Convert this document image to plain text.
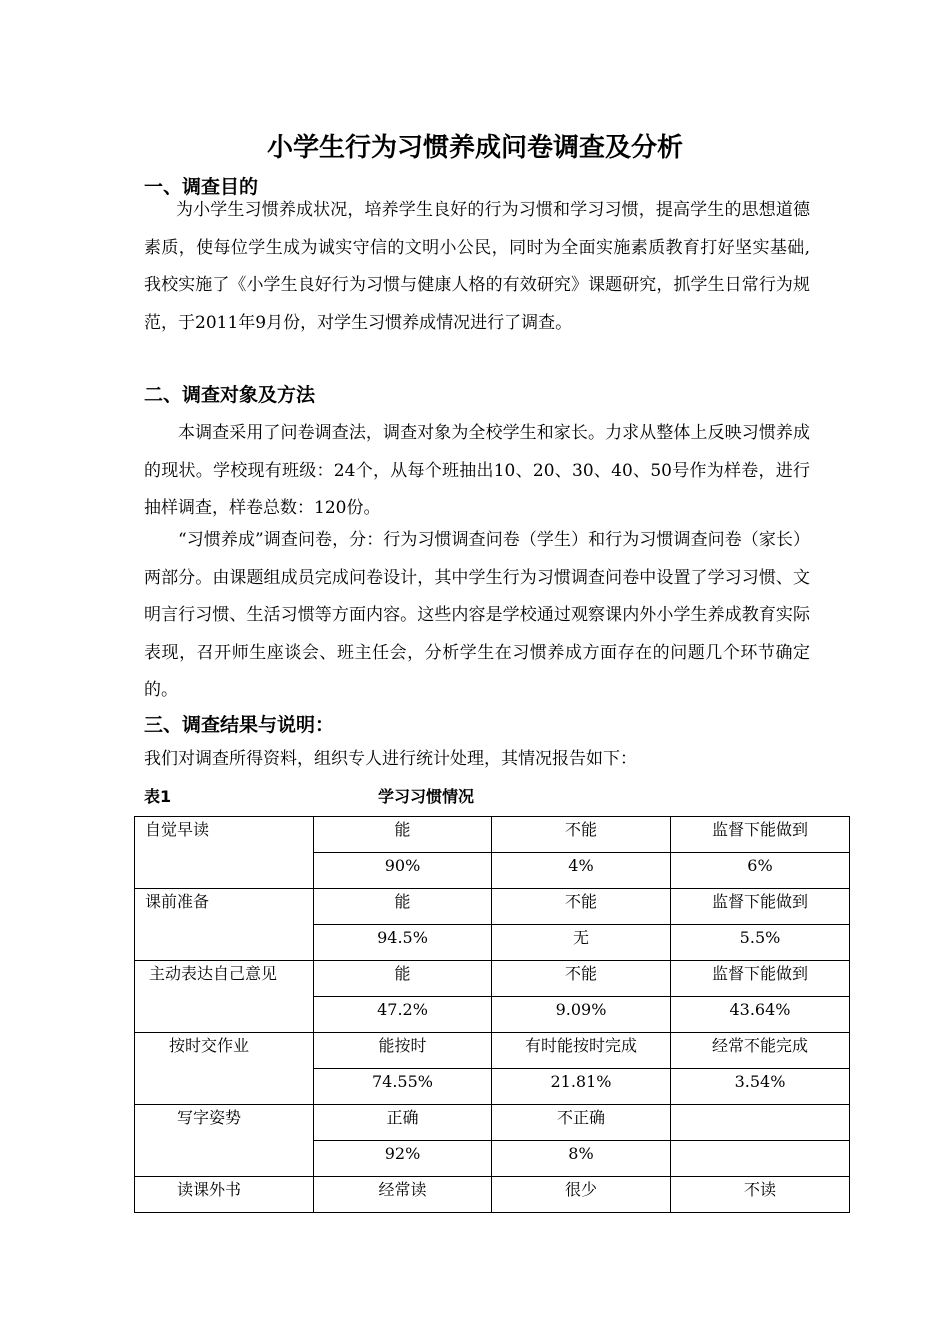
小学生行为习惯养成问卷调查及分析
一、调查目的

为小学生习惯养成状况，培养学生良好的行为习惯和学习习惯，提高学生的思想道德素质，使每位学生成为诚实守信的文明小公民，同时为全面实施素质教育打好坚实基础,我校实施了《小学生良好行为习惯与健康人格的有效研究》课题研究，抓学生日常行为规范，于2011年9月份，对学生习惯养成情况进行了调查。

二、调查对象及方法

本调查采用了问卷调查法，调查对象为全校学生和家长。力求从整体上反映习惯养成的现状。学校现有班级：24个，从每个班抽出10、20、30、40、50号作为样卷，进行抽样调查，样卷总数：120份。

“习惯养成”调查问卷，分：行为习惯调查问卷（学生）和行为习惯调查问卷（家长）两部分。由课题组成员完成问卷设计，其中学生行为习惯调查问卷中设置了学习习惯、文明言行习惯、生活习惯等方面内容。这些内容是学校通过观察课内外小学生养成教育实际表现，召开师生座谈会、班主任会，分析学生在习惯养成方面存在的问题几个环节确定的。

三、调查结果与说明：

我们对调查所得资料，组织专人进行统计处理，其情况报告如下：

表1	学习习惯情况
自觉早读	能	不能	监督下能做到
	90%	4%	6%
课前准备	能	不能	监督下能做到
	94.5%	无	5.5%
主动表达自己意见	能	不能	监督下能做到
	47.2%	9.09%	43.64%
按时交作业	能按时	有时能按时完成	经常不能完成
	74.55%	21.81%	3.54%
写字姿势	正确	不正确	
	92%	8%	
读课外书	经常读	很少	不读
